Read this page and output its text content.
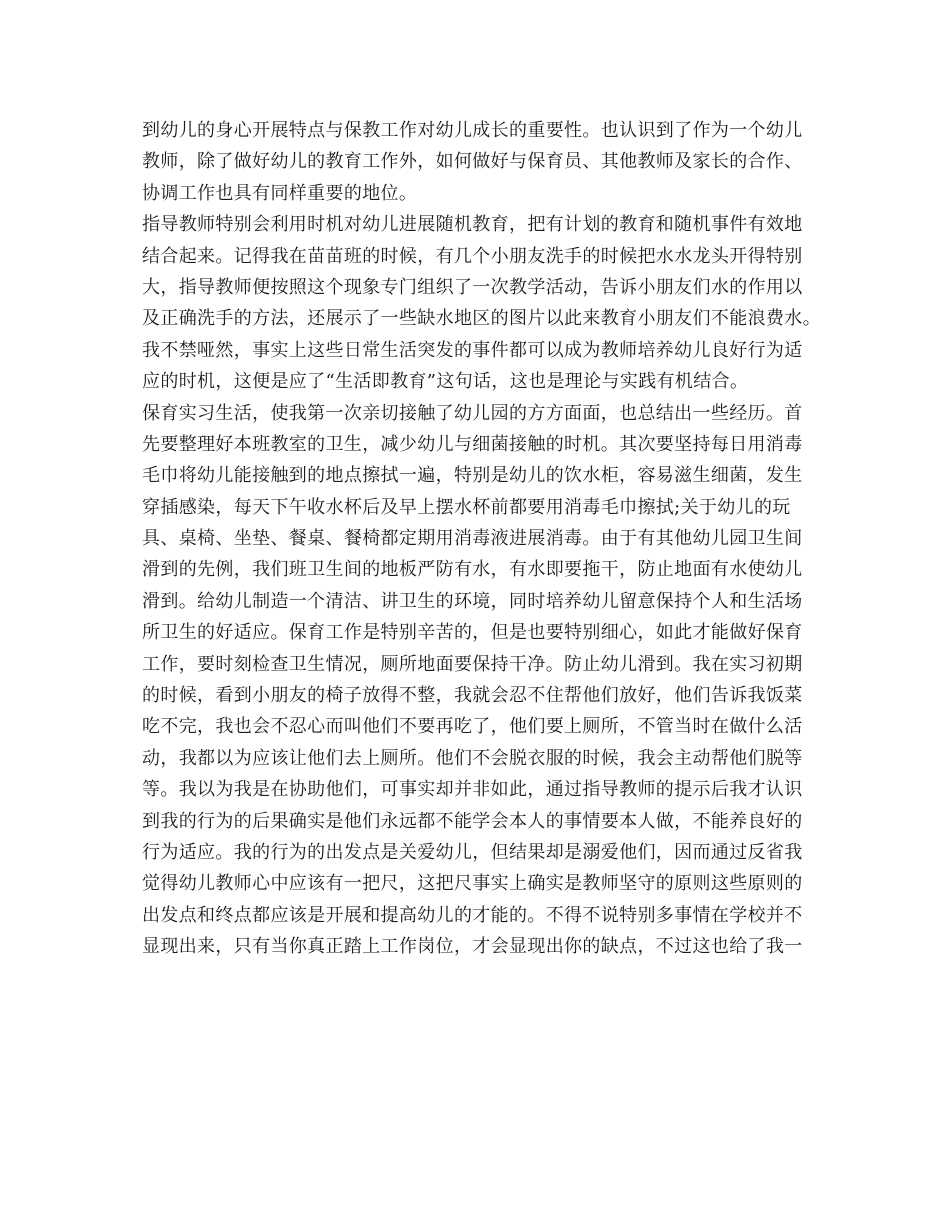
到幼儿的身心开展特点与保教工作对幼儿成长的重要性。也认识到了作为一个幼儿
教师，除了做好幼儿的教育工作外，如何做好与保育员、其他教师及家长的合作、
协调工作也具有同样重要的地位。
指导教师特别会利用时机对幼儿进展随机教育，把有计划的教育和随机事件有效地
结合起来。记得我在苗苗班的时候，有几个小朋友洗手的时候把水水龙头开得特别
大，指导教师便按照这个现象专门组织了一次教学活动，告诉小朋友们水的作用以
及正确洗手的方法，还展示了一些缺水地区的图片以此来教育小朋友们不能浪费水。
我不禁哑然，事实上这些日常生活突发的事件都可以成为教师培养幼儿良好行为适
应的时机，这便是应了“生活即教育”这句话，这也是理论与实践有机结合。
保育实习生活，使我第一次亲切接触了幼儿园的方方面面，也总结出一些经历。首
先要整理好本班教室的卫生，减少幼儿与细菌接触的时机。其次要坚持每日用消毒
毛巾将幼儿能接触到的地点擦拭一遍，特别是幼儿的饮水柜，容易滋生细菌，发生
穿插感染，每天下午收水杯后及早上摆水杯前都要用消毒毛巾擦拭;关于幼儿的玩
具、桌椅、坐垫、餐桌、餐椅都定期用消毒液进展消毒。由于有其他幼儿园卫生间
滑到的先例，我们班卫生间的地板严防有水，有水即要拖干，防止地面有水使幼儿
滑到。给幼儿制造一个清洁、讲卫生的环境，同时培养幼儿留意保持个人和生活场
所卫生的好适应。保育工作是特别辛苦的，但是也要特别细心，如此才能做好保育
工作，要时刻检查卫生情况，厕所地面要保持干净。防止幼儿滑到。我在实习初期
的时候，看到小朋友的椅子放得不整，我就会忍不住帮他们放好，他们告诉我饭菜
吃不完，我也会不忍心而叫他们不要再吃了，他们要上厕所，不管当时在做什么活
动，我都以为应该让他们去上厕所。他们不会脱衣服的时候，我会主动帮他们脱等
等。我以为我是在协助他们，可事实却并非如此，通过指导教师的提示后我才认识
到我的行为的后果确实是他们永远都不能学会本人的事情要本人做，不能养良好的
行为适应。我的行为的出发点是关爱幼儿，但结果却是溺爱他们，因而通过反省我
觉得幼儿教师心中应该有一把尺，这把尺事实上确实是教师坚守的原则这些原则的
出发点和终点都应该是开展和提高幼儿的才能的。不得不说特别多事情在学校并不
显现出来，只有当你真正踏上工作岗位，才会显现出你的缺点，不过这也给了我一
